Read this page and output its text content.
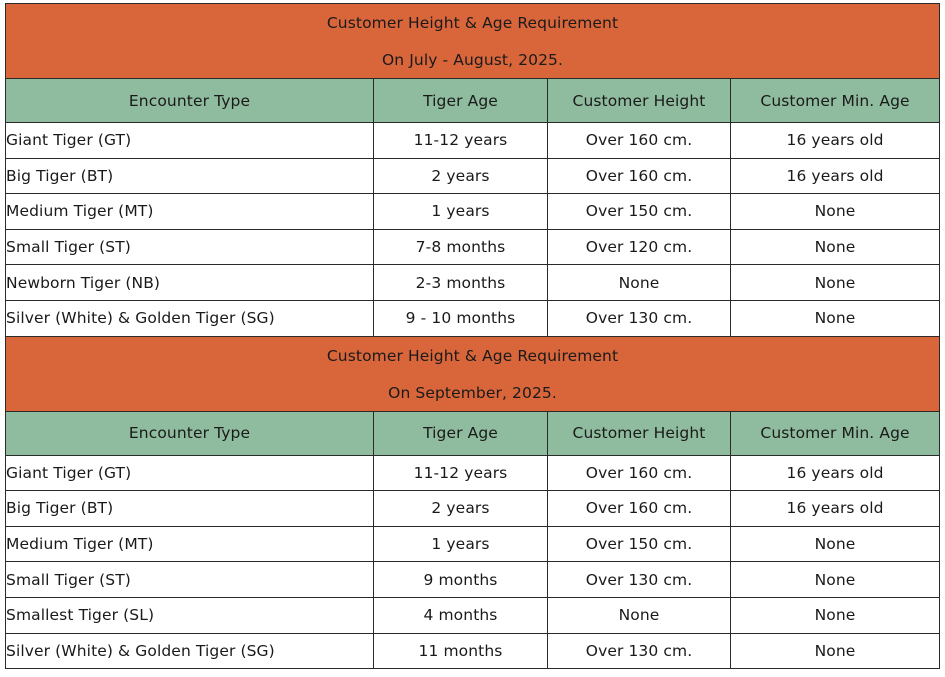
Customer Height & Age Requirement
On July - August, 2025.			

Encounter Type	Tiger Age	Customer Height	Customer Min. Age
Giant Tiger (GT)	11-12 years	Over 160 cm.	16 years old
Big Tiger (BT)	2 years	Over 160 cm.	16 years old
Medium Tiger (MT)	1 years	Over 150 cm.	None
Small Tiger (ST)	7-8 months	Over 120 cm.	None
Newborn Tiger (NB)	2-3 months	None	None
Silver (White) & Golden Tiger (SG)	9 - 10 months	Over 130 cm.	None

Customer Height & Age Requirement
On September, 2025.			

Encounter Type	Tiger Age	Customer Height	Customer Min. Age
Giant Tiger (GT)	11-12 years	Over 160 cm.	16 years old
Big Tiger (BT)	2 years	Over 160 cm.	16 years old
Medium Tiger (MT)	1 years	Over 150 cm.	None
Small Tiger (ST)	9 months	Over 130 cm.	None
Smallest Tiger (SL)	4 months	None	None
Silver (White) & Golden Tiger (SG)	11 months	Over 130 cm.	None
